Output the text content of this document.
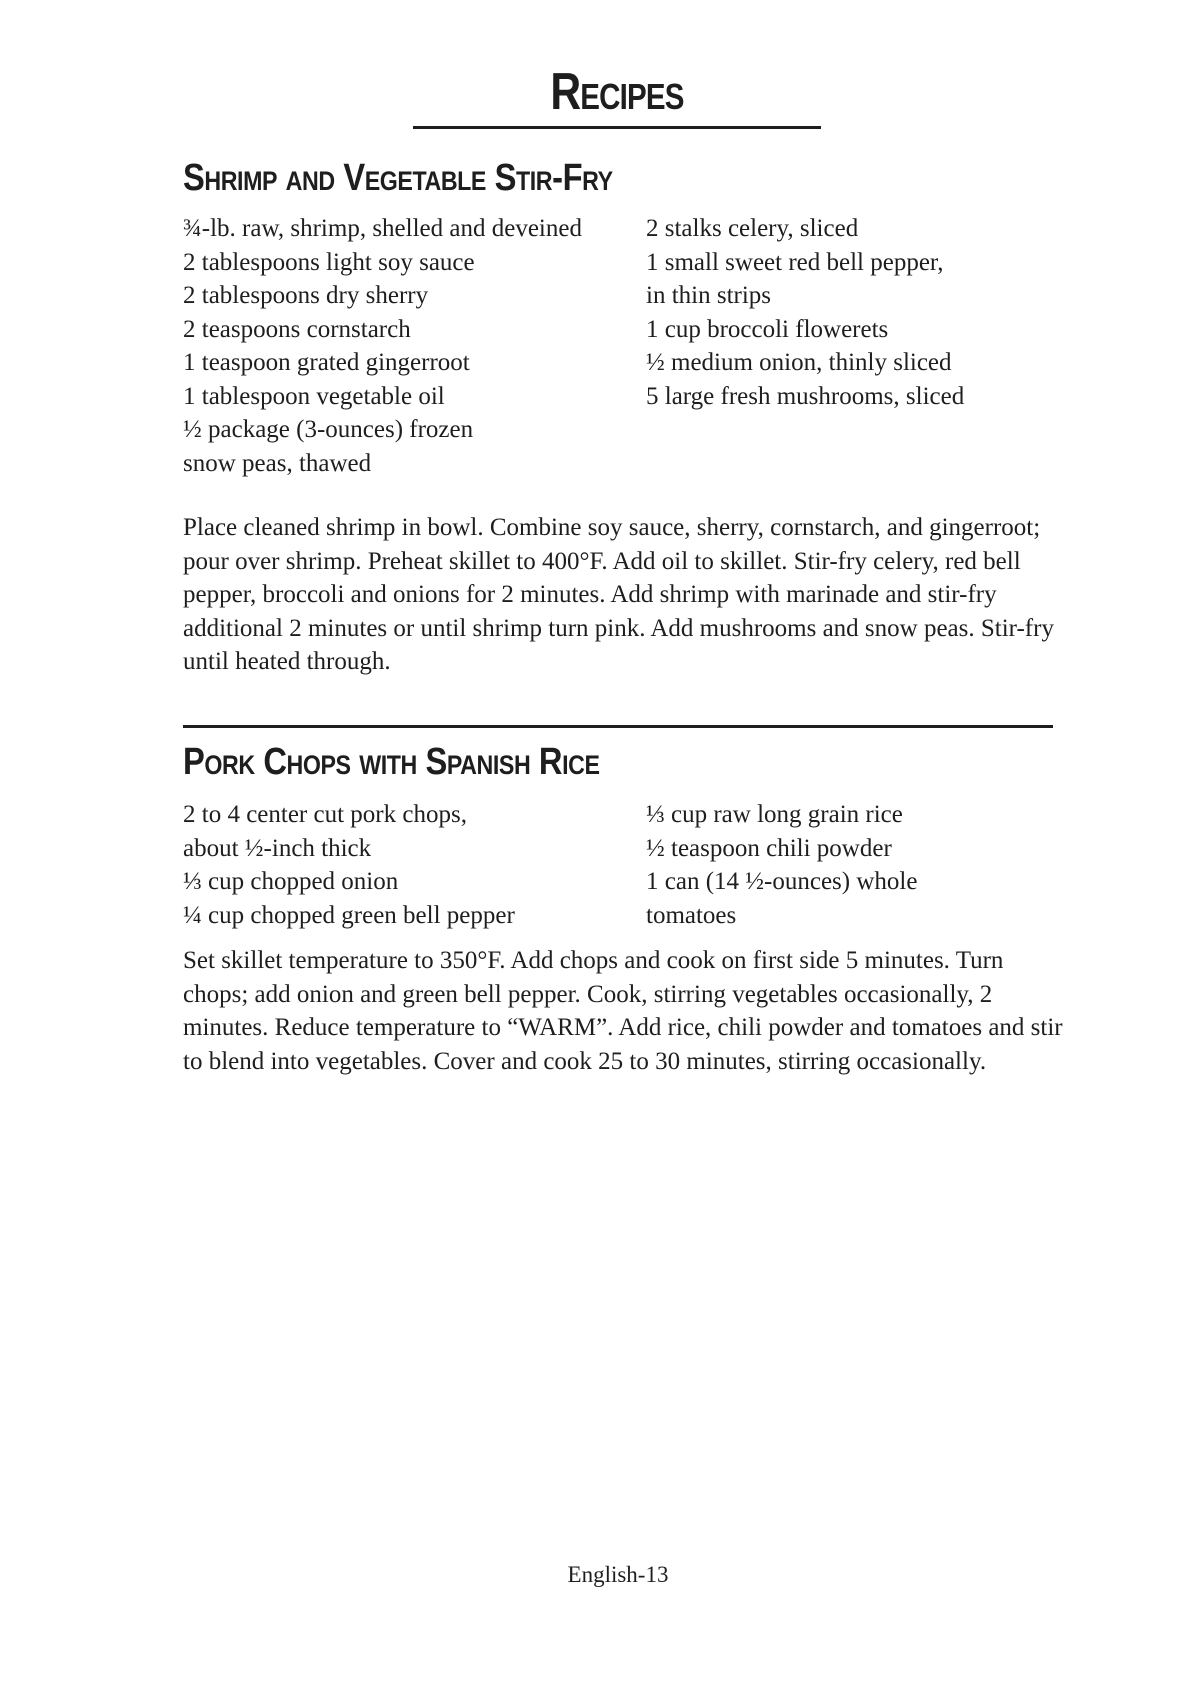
Recipes
Shrimp and Vegetable Stir-Fry
¾-lb. raw, shrimp, shelled and deveined
2 tablespoons light soy sauce
2 tablespoons dry sherry
2 teaspoons cornstarch
1 teaspoon grated gingerroot
1 tablespoon vegetable oil
½ package (3-ounces) frozen
snow peas, thawed
2 stalks celery, sliced
1 small sweet red bell pepper,
in thin strips
1 cup broccoli flowerets
½ medium onion, thinly sliced
5 large fresh mushrooms, sliced

Place cleaned shrimp in bowl. Combine soy sauce, sherry, cornstarch, and gingerroot; pour over shrimp. Preheat skillet to 400°F. Add oil to skillet. Stir-fry celery, red bell pepper, broccoli and onions for 2 minutes. Add shrimp with marinade and stir-fry additional 2 minutes or until shrimp turn pink. Add mushrooms and snow peas. Stir-fry until heated through.

Pork Chops with Spanish Rice
2 to 4 center cut pork chops,
about ½-inch thick
⅓ cup chopped onion
¼ cup chopped green bell pepper
⅓ cup raw long grain rice
½ teaspoon chili powder
1 can (14 ½-ounces) whole
tomatoes

Set skillet temperature to 350°F. Add chops and cook on first side 5 minutes. Turn chops; add onion and green bell pepper. Cook, stirring vegetables occasionally, 2 minutes. Reduce temperature to “WARM”. Add rice, chili powder and tomatoes and stir to blend into vegetables. Cover and cook 25 to 30 minutes, stirring occasionally.

English-13
